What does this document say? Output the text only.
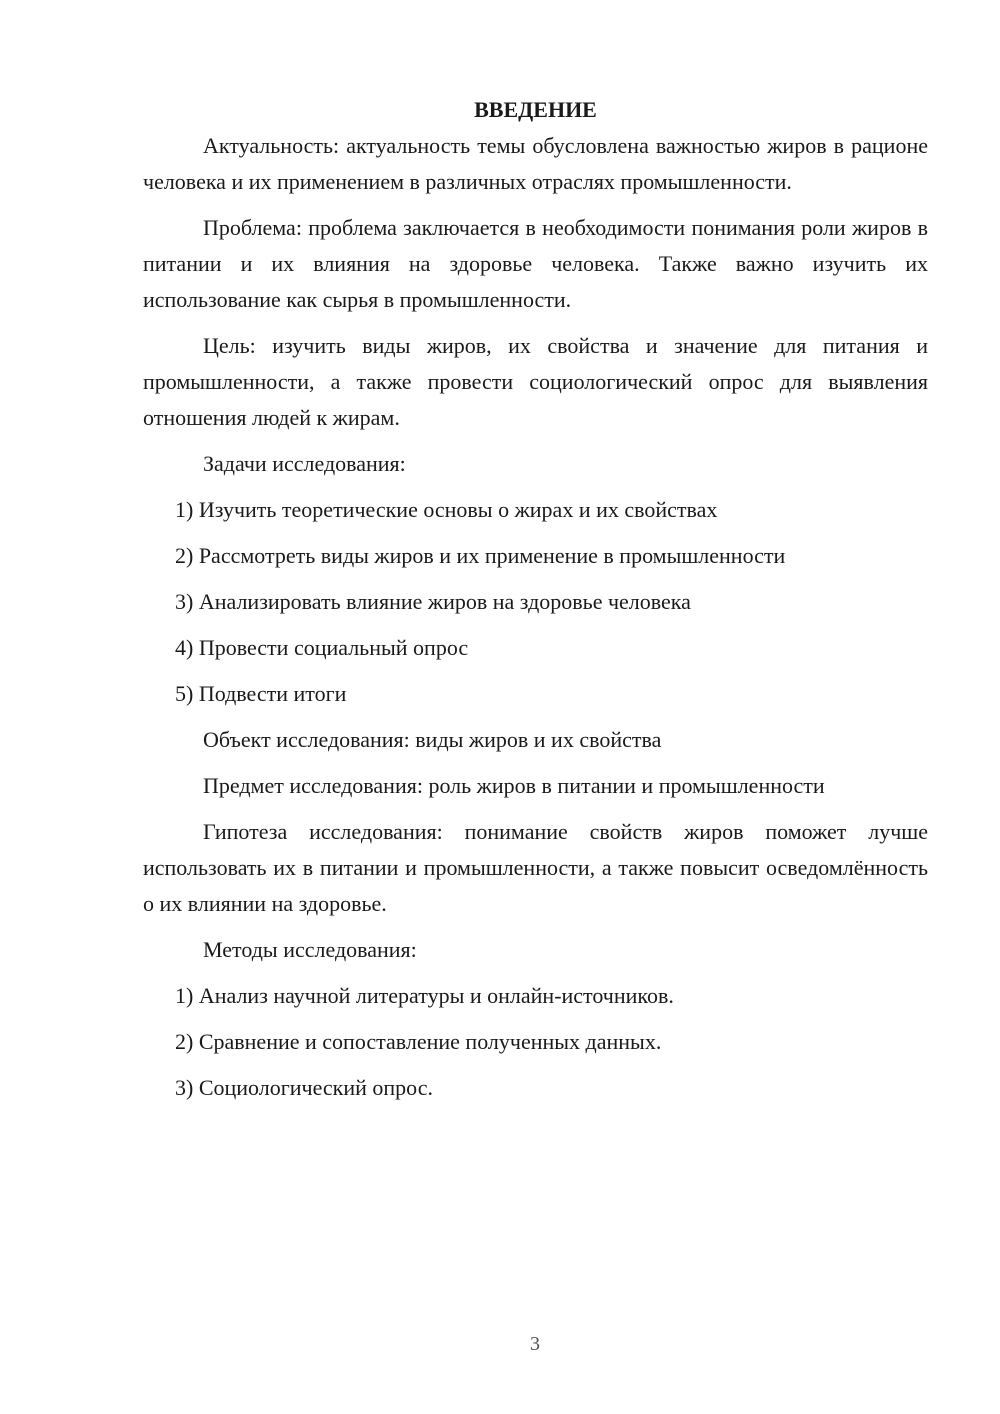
ВВЕДЕНИЕ
Актуальность: актуальность темы обусловлена важностью жиров в рационе человека и их применением в различных отраслях промышленности.
Проблема: проблема заключается в необходимости понимания роли жиров в питании и их влияния на здоровье человека. Также важно изучить их использование как сырья в промышленности.
Цель: изучить виды жиров, их свойства и значение для питания и промышленности, а также провести социологический опрос для выявления отношения людей к жирам.
Задачи исследования:
1) Изучить теоретические основы о жирах и их свойствах
2) Рассмотреть виды жиров и их применение в промышленности
3) Анализировать влияние жиров на здоровье человека
4) Провести социальный опрос
5) Подвести итоги
Объект исследования: виды жиров и их свойства
Предмет исследования: роль жиров в питании и промышленности
Гипотеза исследования: понимание свойств жиров поможет лучше использовать их в питании и промышленности, а также повысит осведомлённость о их влиянии на здоровье.
Методы исследования:
1) Анализ научной литературы и онлайн-источников.
2) Сравнение и сопоставление полученных данных.
3) Социологический опрос.
3
